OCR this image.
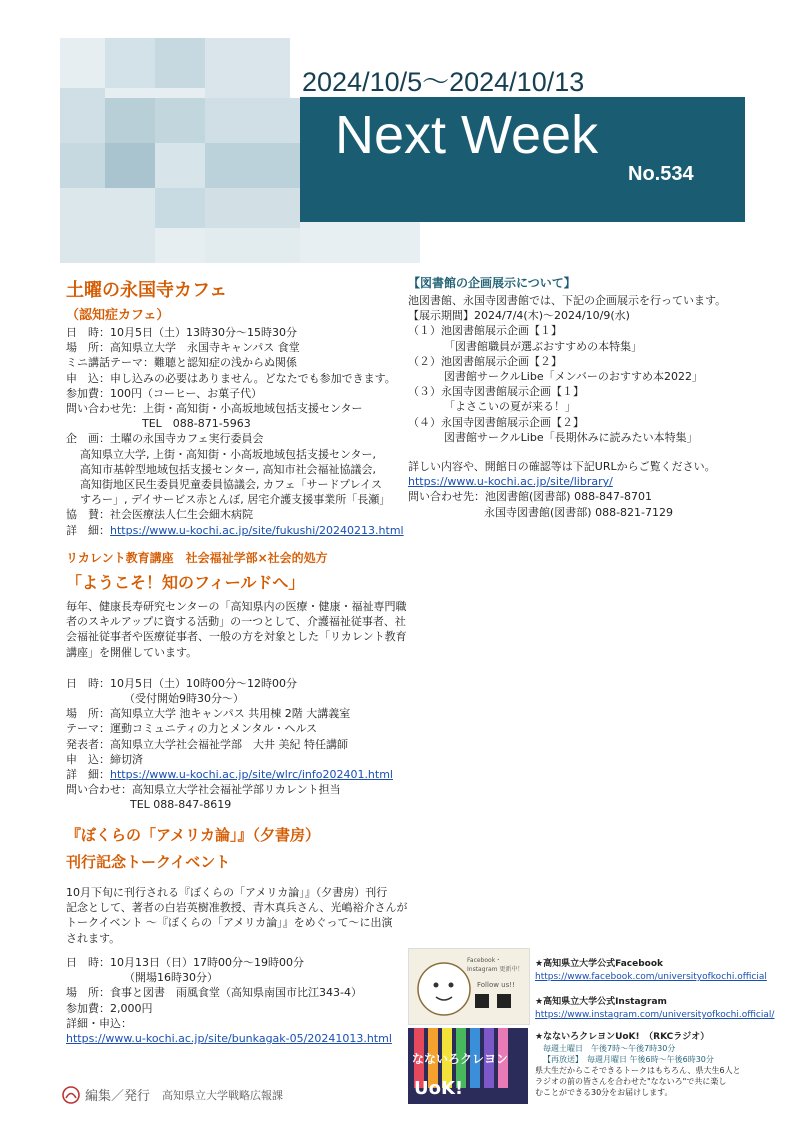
2024/10/5～2024/10/13
Next Week
No.534
土曜の永国寺カフェ
（認知症カフェ）
日　時：10月5日（土）13時30分～15時30分
場　所：高知県立大学　永国寺キャンパス 食堂
ミニ講話テーマ：難聴と認知症の浅からぬ関係
申　込：申し込みの必要はありません。どなたでも参加できます。
参加費：100円（コーヒー、お菓子代）
問い合わせ先：上街・高知街・小高坂地域包括支援センター
TEL　088-871-5963
企　画：土曜の永国寺カフェ実行委員会
高知県立大学, 上街・高知街・小高坂地域包括支援センター,
高知市基幹型地域包括支援センター, 高知市社会福祉協議会,
高知街地区民生委員児童委員協議会, カフェ「サードプレイス
すろー」, デイサービス赤とんぼ, 居宅介護支援事業所「長瀬」
協　賛：社会医療法人仁生会細木病院
詳　細：https://www.u-kochi.ac.jp/site/fukushi/20240213.html
リカレント教育講座　社会福祉学部×社会的処方
「ようこそ！知のフィールドへ」
毎年、健康長寿研究センターの「高知県内の医療・健康・福祉専門職
者のスキルアップに資する活動」の一つとして、介護福祉従事者、社
会福祉従事者や医療従事者、一般の方を対象とした「リカレント教育
講座」を開催しています。
日　時：10月5日（土）10時00分～12時00分
（受付開始9時30分～）
場　所：高知県立大学 池キャンパス 共用棟 2階 大講義室
テーマ：運動コミュニティの力とメンタル・ヘルス
発表者：高知県立大学社会福祉学部　大井 美紀 特任講師
申　込：締切済
詳　細：https://www.u-kochi.ac.jp/site/wlrc/info202401.html
問い合わせ：高知県立大学社会福祉学部リカレント担当
TEL 088-847-8619
『ぼくらの「アメリカ論」』（夕書房）
刊行記念トークイベント
10月下旬に刊行される『ぼくらの「アメリカ論」』（夕書房）刊行
記念として、著者の白岩英樹准教授、青木真兵さん、光嶋裕介さんが
トークイベント ～『ぼくらの「アメリカ論」』をめぐって～に出演
されます。
日　時：10月13日（日）17時00分～19時00分
（開場16時30分）
場　所：食事と図書　雨風食堂（高知県南国市比江343-4）
参加費：2,000円
詳細・申込：
https://www.u-kochi.ac.jp/site/bunkagak-05/20241013.html
【図書館の企画展示について】
池図書館、永国寺図書館では、下記の企画展示を行っています。
【展示期間】2024/7/4(木)～2024/10/9(水)
（１）池図書館展示企画【１】
「図書館職員が選ぶおすすめの本特集」
（２）池図書館展示企画【２】
図書館サークルLibe「メンバーのおすすめ本2022」
（３）永国寺図書館展示企画【１】
「よさこいの夏が来る！」
（４）永国寺図書館展示企画【２】
図書館サークルLibe「長期休みに読みたい本特集」
詳しい内容や、開館日の確認等は下記URLからご覧ください。
https://www.u-kochi.ac.jp/site/library/
問い合わせ先：池図書館(図書部) 088-847-8701
永国寺図書館(図書部) 088-821-7129
Facebook・Instagram 更新中！
Follow us!!
★高知県立大学公式Facebook
https://www.facebook.com/universityofkochi.official
★高知県立大学公式Instagram
https://www.instagram.com/universityofkochi.official/
なないろクレヨン
UoK!
★なないろクレヨンUoK!　（RKCラジオ）
毎週土曜日　午後7時～午後7時30分
【再放送】　毎週月曜日 午後6時～午後6時30分
県大生だからこそできるトークはもちろん、県大生6人と
ラジオの前の皆さんを合わせた"なないろ"で共に楽し
むことができる30分をお届けします。
編集／発行 高知県立大学戦略広報課
